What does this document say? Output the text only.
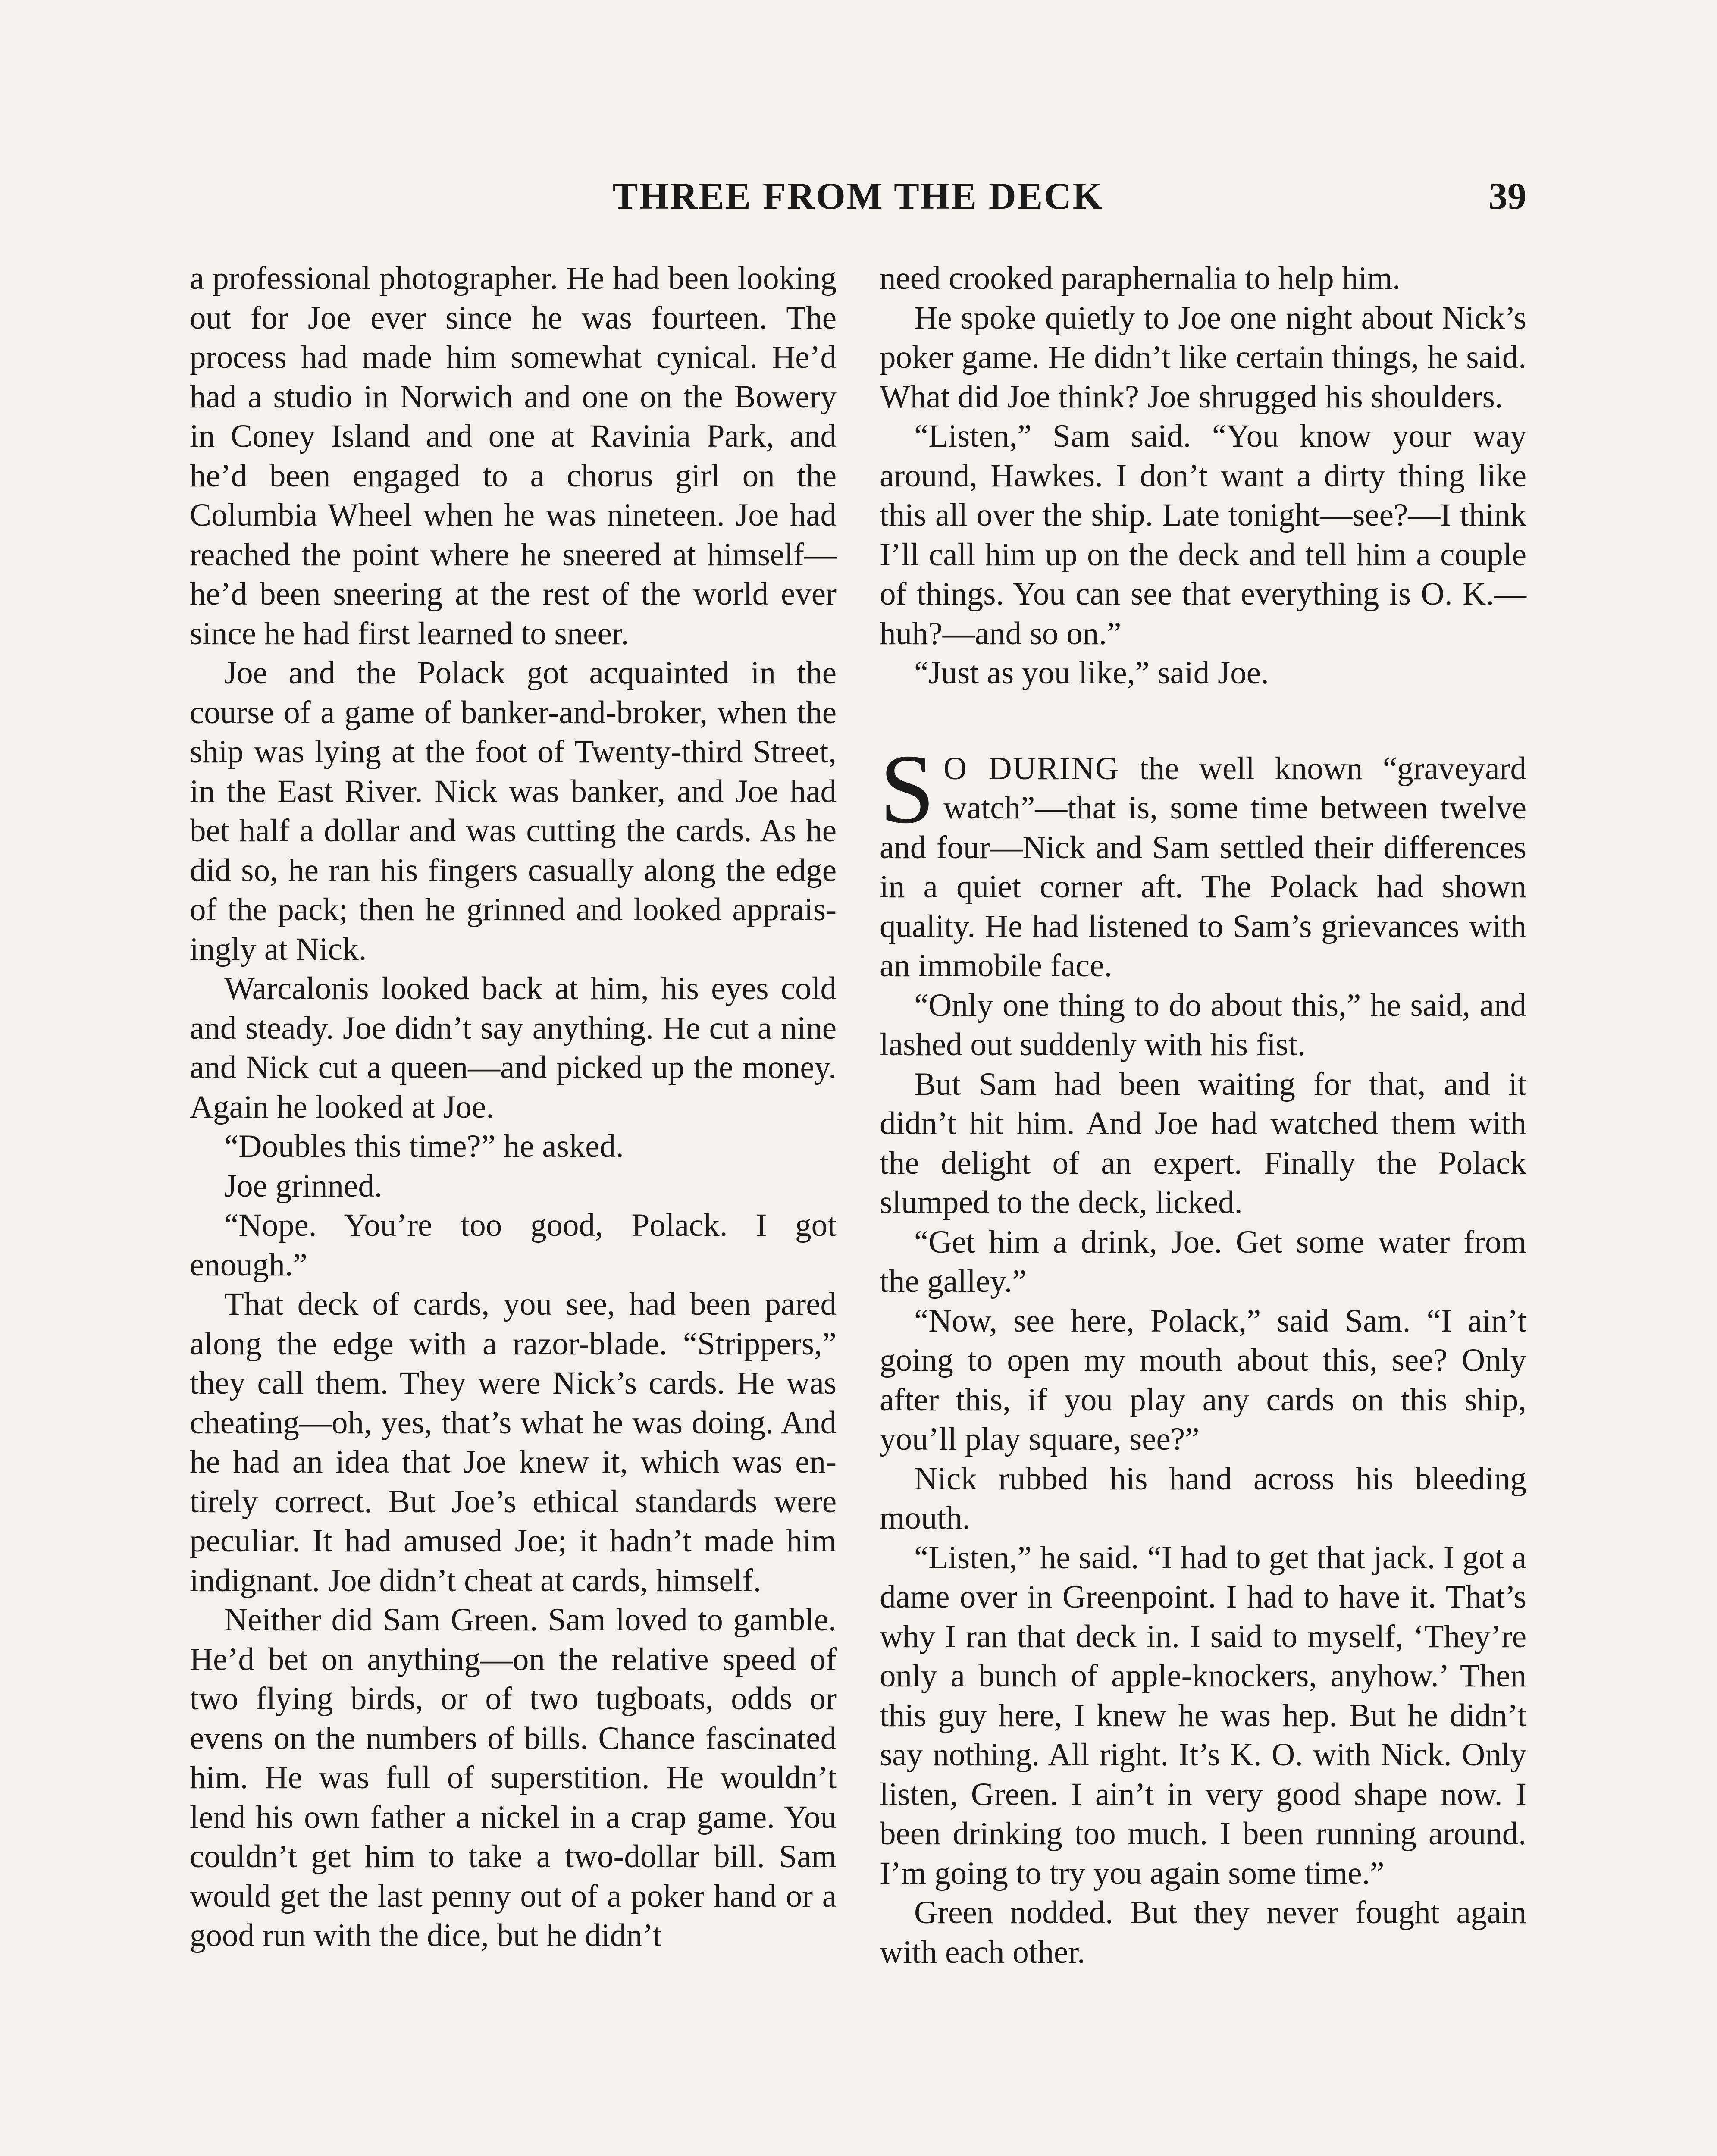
THREE FROM THE DECK	39

a professional photographer. He had been looking out for Joe ever since he was fourteen. The process had made him somewhat cynical. He’d had a studio in Norwich and one on the Bowery in Coney Island and one at Ravinia Park, and he’d been engaged to a chorus girl on the Columbia Wheel when he was nineteen. Joe had reached the point where he sneered at himself—he’d been sneering at the rest of the world ever since he had first learned to sneer.

Joe and the Polack got acquainted in the course of a game of banker-and-broker, when the ship was lying at the foot of Twenty-third Street, in the East River. Nick was banker, and Joe had bet half a dollar and was cutting the cards. As he did so, he ran his fingers casually along the edge of the pack; then he grinned and looked appraisingly at Nick.

Warcalonis looked back at him, his eyes cold and steady. Joe didn’t say anything. He cut a nine and Nick cut a queen—and picked up the money. Again he looked at Joe.

“Doubles this time?” he asked.

Joe grinned.

“Nope. You’re too good, Polack. I got enough.”

That deck of cards, you see, had been pared along the edge with a razor-blade. “Strippers,” they call them. They were Nick’s cards. He was cheating—oh, yes, that’s what he was doing. And he had an idea that Joe knew it, which was entirely correct. But Joe’s ethical standards were peculiar. It had amused Joe; it hadn’t made him indignant. Joe didn’t cheat at cards, himself.

Neither did Sam Green. Sam loved to gamble. He’d bet on anything—on the relative speed of two flying birds, or of two tugboats, odds or evens on the numbers of bills. Chance fascinated him. He was full of superstition. He wouldn’t lend his own father a nickel in a crap game. You couldn’t get him to take a two-dollar bill. Sam would get the last penny out of a poker hand or a good run with the dice, but he didn’t

need crooked paraphernalia to help him.

He spoke quietly to Joe one night about Nick’s poker game. He didn’t like certain things, he said. What did Joe think? Joe shrugged his shoulders.

“Listen,” Sam said. “You know your way around, Hawkes. I don’t want a dirty thing like this all over the ship. Late tonight—see?—I think I’ll call him up on the deck and tell him a couple of things. You can see that everything is O. K.—huh?—and so on.”

“Just as you like,” said Joe.

S O DURING the well known “graveyard watch”—that is, some time between twelve and four—Nick and Sam settled their differences in a quiet corner aft. The Polack had shown quality. He had listened to Sam’s grievances with an immobile face.

“Only one thing to do about this,” he said, and lashed out suddenly with his fist.

But Sam had been waiting for that, and it didn’t hit him. And Joe had watched them with the delight of an expert. Finally the Polack slumped to the deck, licked.

“Get him a drink, Joe. Get some water from the galley.”

“Now, see here, Polack,” said Sam. “I ain’t going to open my mouth about this, see? Only after this, if you play any cards on this ship, you’ll play square, see?”

Nick rubbed his hand across his bleeding mouth.

“Listen,” he said. “I had to get that jack. I got a dame over in Greenpoint. I had to have it. That’s why I ran that deck in. I said to myself, ‘They’re only a bunch of apple-knockers, anyhow.’ Then this guy here, I knew he was hep. But he didn’t say nothing. All right. It’s K. O. with Nick. Only listen, Green. I ain’t in very good shape now. I been drinking too much. I been running around. I’m going to try you again some time.”

Green nodded. But they never fought again with each other.
